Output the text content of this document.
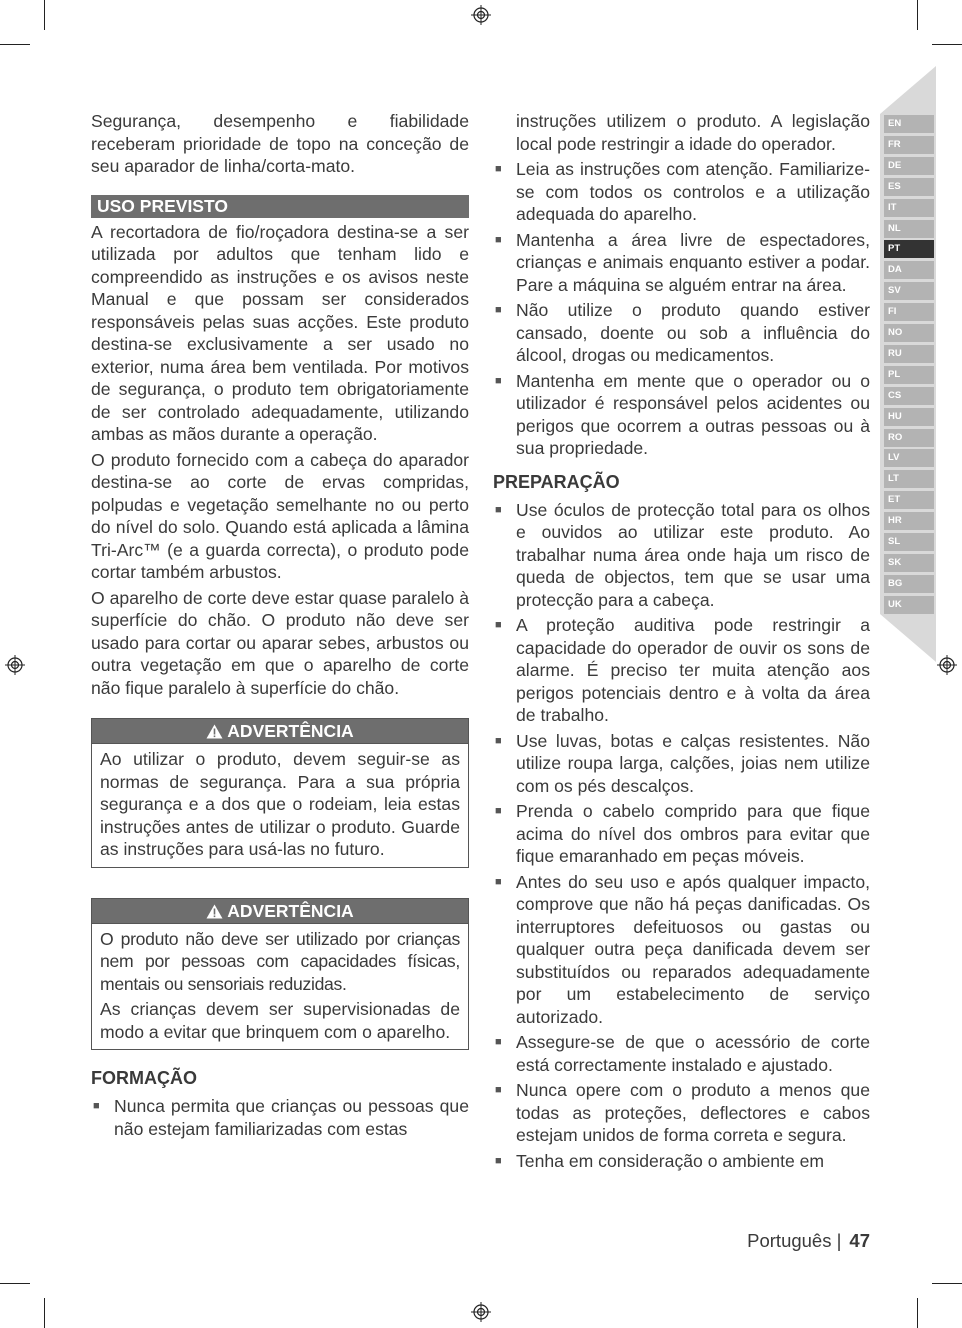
EN
FR
DE
ES
IT
NL
PT
DA
SV
FI
NO
RU
PL
CS
HU
RO
LV
LT
ET
HR
SL
SK
BG
UK

Segurança, desempenho e fiabilidade receberam prioridade de topo na conceção de seu aparador de linha/corta-mato.

USO PREVISTO

A recortadora de fio/roçadora destina-se a ser utilizada por adultos que tenham lido e compreendido as instruções e os avisos neste Manual e que possam ser considerados responsáveis pelas suas acções. Este produto destina-se exclusivamente a ser usado no exterior, numa área bem ventilada. Por motivos de segurança, o produto tem obrigatoriamente de ser controlado adequadamente, utilizando ambas as mãos durante a operação.

O produto fornecido com a cabeça do aparador destina-se ao corte de ervas compridas, polpudas e vegetação semelhante no ou perto do nível do solo. Quando está aplicada a lâmina Tri-Arc™ (e a guarda correcta), o produto pode cortar também arbustos.

O aparelho de corte deve estar quase paralelo à superfície do chão. O produto não deve ser usado para cortar ou aparar sebes, arbustos ou outra vegetação em que o aparelho de corte não fique paralelo à superfície do chão.

ADVERTÊNCIA

Ao utilizar o produto, devem seguir-se as normas de segurança. Para a sua própria segurança e a dos que o rodeiam, leia estas instruções antes de utilizar o produto. Guarde as instruções para usá-las no futuro.

ADVERTÊNCIA

O produto não deve ser utilizado por crianças nem por pessoas com capacidades físicas, mentais ou sensoriais reduzidas.

As crianças devem ser supervisionadas de modo a evitar que brinquem com o aparelho.

FORMAÇÃO
■ Nunca permita que crianças ou pessoas que não estejam familiarizadas com estas

instruções utilizem o produto. A legislação local pode restringir a idade do operador.

■ Leia as instruções com atenção. Familiarize-se com todos os controlos e a utilização adequada do aparelho.
■ Mantenha a área livre de espectadores, crianças e animais enquanto estiver a podar. Pare a máquina se alguém entrar na área.
■ Não utilize o produto quando estiver cansado, doente ou sob a influência do álcool, drogas ou medicamentos.
■ Mantenha em mente que o operador ou o utilizador é responsável pelos acidentes ou perigos que ocorrem a outras pessoas ou à sua propriedade.
PREPARAÇÃO
■ Use óculos de protecção total para os olhos e ouvidos ao utilizar este produto. Ao trabalhar numa área onde haja um risco de queda de objectos, tem que se usar uma protecção para a cabeça.
■ A proteção auditiva pode restringir a capacidade do operador de ouvir os sons de alarme. É preciso ter muita atenção aos perigos potenciais dentro e à volta da área de trabalho.
■ Use luvas, botas e calças resistentes. Não utilize roupa larga, calções, joias nem utilize com os pés descalços.
■ Prenda o cabelo comprido para que fique acima do nível dos ombros para evitar que fique emaranhado em peças móveis.
■ Antes do seu uso e após qualquer impacto, comprove que não há peças danificadas. Os interruptores defeituosos ou gastas ou qualquer outra peça danificada devem ser substituídos ou reparados adequadamente por um estabelecimento de serviço autorizado.
■ Assegure-se de que o acessório de corte está correctamente instalado e ajustado.
■ Nunca opere com o produto a menos que todas as proteções, deflectores e cabos estejam unidos de forma correta e segura.
■ Tenha em consideração o ambiente em
Português | 47
